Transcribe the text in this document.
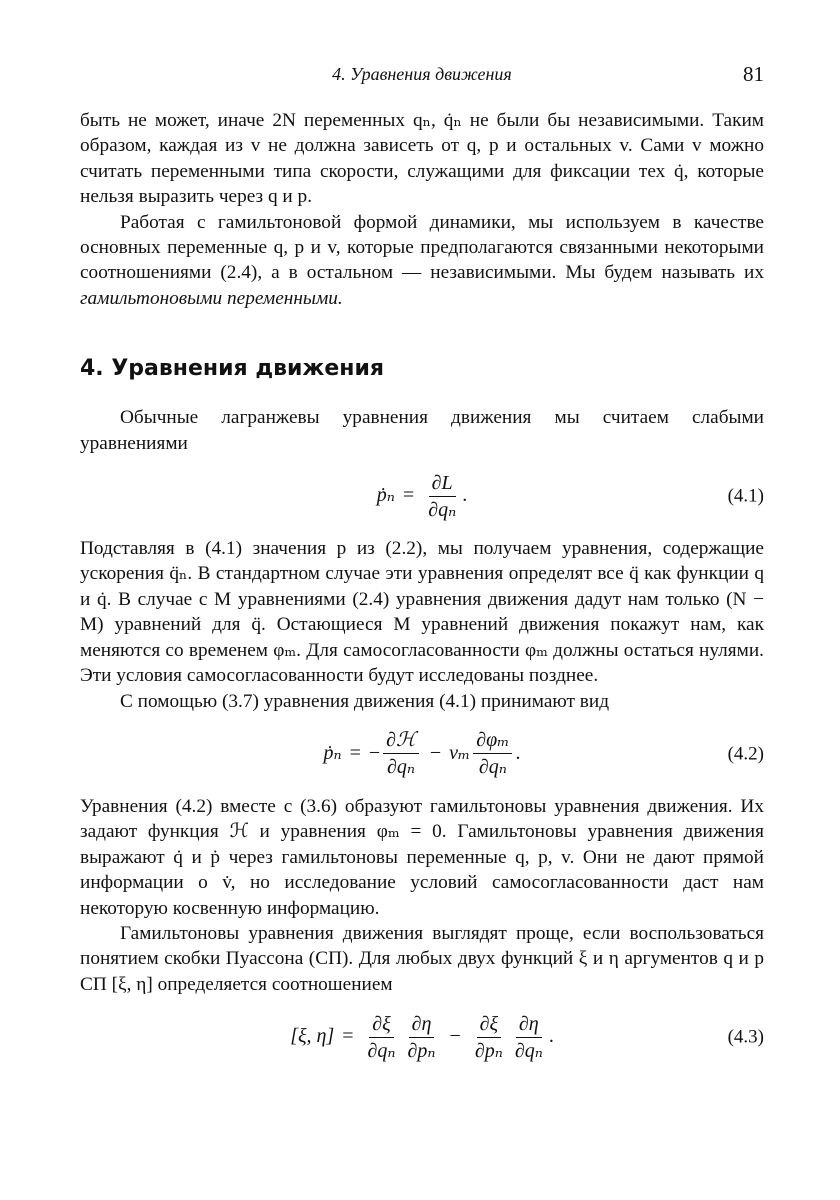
4. Уравнения движения	81

быть не может, иначе 2N переменных qₙ, q̇ₙ не были бы независимыми. Таким образом, каждая из v не должна зависеть от q, p и остальных v. Сами v можно считать переменными типа скорости, служащими для фиксации тех q̇, которые нельзя выразить через q и p.

Работая с гамильтоновой формой динамики, мы используем в качестве основных переменные q, p и v, которые предполагаются связанными некоторыми соотношениями (2.4), а в остальном — независимыми. Мы будем называть их гамильтоновыми переменными.

4. Уравнения движения

Обычные лагранжевы уравнения движения мы считаем слабыми уравнениями

ṗₙ = $\frac{\partial L}{\text{∂qₙ}}$ .	(4.1)

Подставляя в (4.1) значения p из (2.2), мы получаем уравнения, содержащие ускорения q̈ₙ. В стандартном случае эти уравнения определят все q̈ как функции q и q̇. В случае с M уравнениями (2.4) уравнения движения дадут нам только (N − M) уравнений для q̈. Остающиеся M уравнений движения покажут нам, как меняются со временем φₘ. Для самосогласованности φₘ должны остаться нулями. Эти условия самосогласованности будут исследованы позднее.

С помощью (3.7) уравнения движения (4.1) принимают вид

ṗₙ = − $\frac{\text{∂ℋ}}{\text{∂qₙ}} - v_m \frac{\text{∂φₘ}}{\text{∂qₙ}}$ .	(4.2)

Уравнения (4.2) вместе с (3.6) образуют гамильтоновы уравнения движения. Их задают функция ℋ и уравнения φₘ = 0. Гамильтоновы уравнения движения выражают q̇ и ṗ через гамильтоновы переменные q, p, v. Они не дают прямой информации о v̇, но исследование условий самосогласованности даст нам некоторую косвенную информацию.

Гамильтоновы уравнения движения выглядят проще, если воспользоваться понятием скобки Пуассона (СП). Для любых двух функций ξ и η аргументов q и p СП [ξ, η] определяется соотношением

[ξ, $\eta] = \frac{\partial\xi}{\text{∂qₙ}} \frac{\partial\eta}{\text{∂pₙ}} - \frac{\partial\xi}{\text{∂pₙ}} \frac{\partial\eta}{\text{∂qₙ}}$ .	(4.3)
